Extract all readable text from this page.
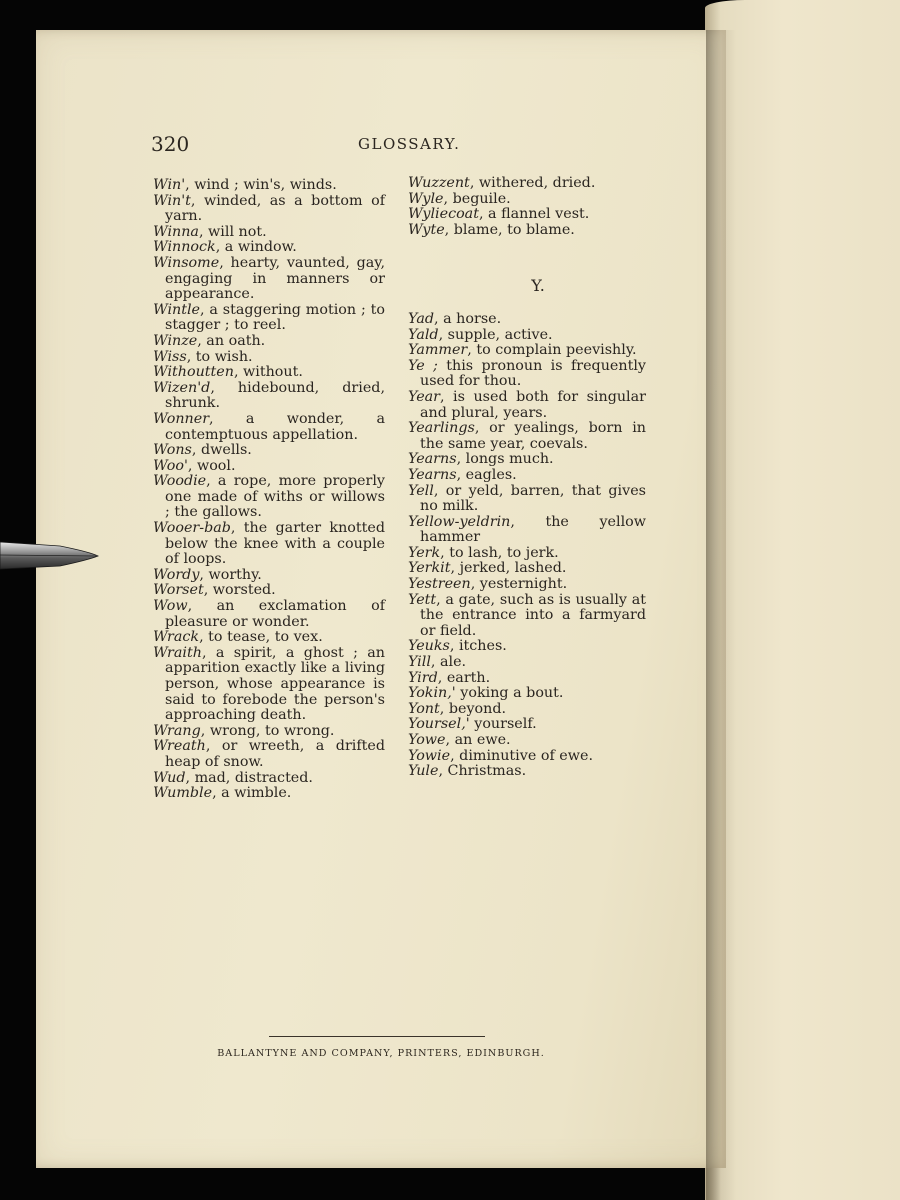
320	GLOSSARY.
Win', wind ; win's, winds.
Win't, winded, as a bottom of yarn.
Winna, will not.
Winnock, a window.
Winsome, hearty, vaunted, gay, engaging in manners or appearance.
Wintle, a staggering motion ; to stagger ; to reel.
Winze, an oath.
Wiss, to wish.
Withoutten, without.
Wizen'd, hidebound, dried, shrunk.
Wonner, a wonder, a contemptuous appellation.
Wons, dwells.
Woo', wool.
Woodie, a rope, more properly one made of withs or willows ; the gallows.
Wooer-bab, the garter knotted below the knee with a couple of loops.
Wordy, worthy.
Worset, worsted.
Wow, an exclamation of pleasure or wonder.
Wrack, to tease, to vex.
Wraith, a spirit, a ghost ; an apparition exactly like a living person, whose appearance is said to forebode the person's approaching death.
Wrang, wrong, to wrong.
Wreath, or wreeth, a drifted heap of snow.
Wud, mad, distracted.
Wumble, a wimble.
Wuzzent, withered, dried.
Wyle, beguile.
Wyliecoat, a flannel vest.
Wyte, blame, to blame.
Y.
Yad, a horse.
Yald, supple, active.
Yammer, to complain peevishly.
Ye ; this pronoun is frequently used for thou.
Year, is used both for singular and plural, years.
Yearlings, or yealings, born in the same year, coevals.
Yearns, longs much.
Yearns, eagles.
Yell, or yeld, barren, that gives no milk.
Yellow-yeldrin, the yellow hammer
Yerk, to lash, to jerk.
Yerkit, jerked, lashed.
Yestreen, yesternight.
Yett, a gate, such as is usually at the entrance into a farmyard or field.
Yeuks, itches.
Yill, ale.
Yird, earth.
Yokin,' yoking a bout.
Yont, beyond.
Yoursel,' yourself.
Yowe, an ewe.
Yowie, diminutive of ewe.
Yule, Christmas.
BALLANTYNE AND COMPANY, PRINTERS, EDINBURGH.
